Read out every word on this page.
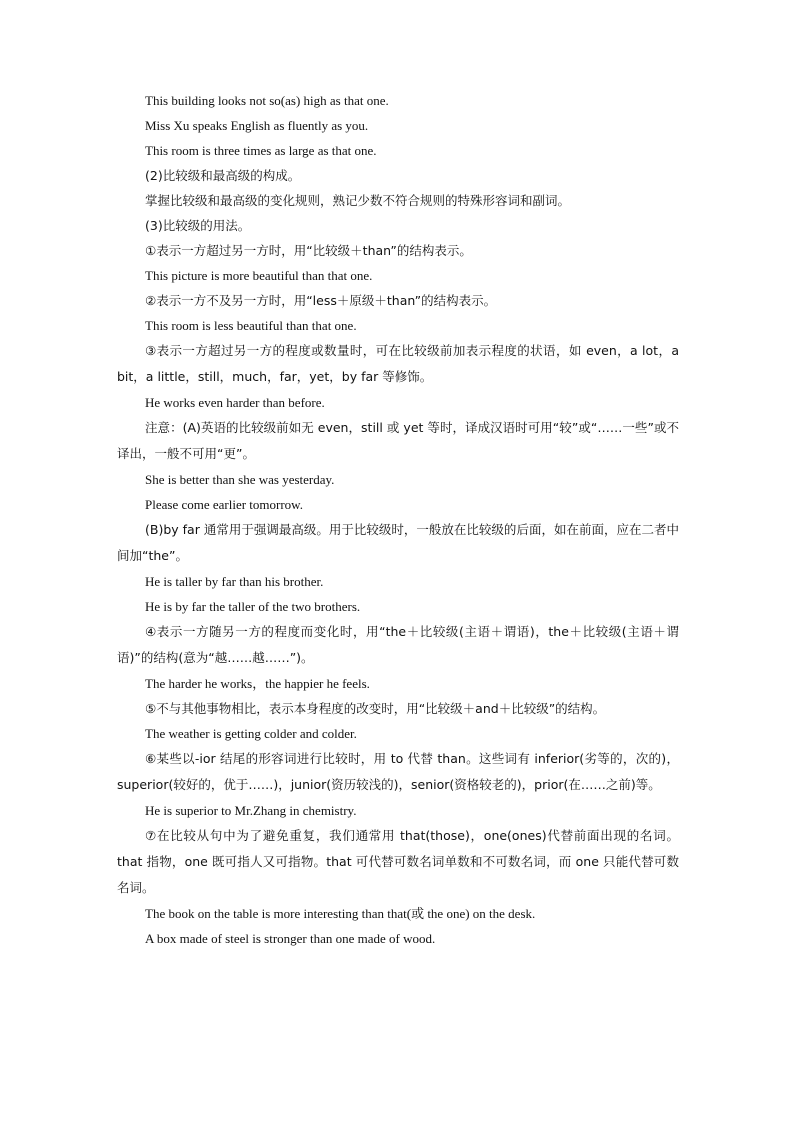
This building looks not so(as) high as that one.

Miss Xu speaks English as fluently as you.

This room is three times as large as that one.

(2)比较级和最高级的构成。

掌握比较级和最高级的变化规则，熟记少数不符合规则的特殊形容词和副词。

(3)比较级的用法。

①表示一方超过另一方时，用“比较级＋than”的结构表示。

This picture is more beautiful than that one.

②表示一方不及另一方时，用“less＋原级＋than”的结构表示。

This room is less beautiful than that one.

③表示一方超过另一方的程度或数量时，可在比较级前加表示程度的状语，如 even，a lot，a bit，a little，still，much，far，yet，by far 等修饰。

He works even harder than before.

注意：(A)英语的比较级前如无 even，still 或 yet 等时，译成汉语时可用“较”或“……一些”或不译出，一般不可用“更”。

She is better than she was yesterday.

Please come earlier tomorrow.

(B)by far 通常用于强调最高级。用于比较级时，一般放在比较级的后面，如在前面，应在二者中间加“the”。

He is taller by far than his brother.

He is by far the taller of the two brothers.

④表示一方随另一方的程度而变化时，用“the＋比较级(主语＋谓语)，the＋比较级(主语＋谓语)”的结构(意为“越……越……”)。

The harder he works，the happier he feels.

⑤不与其他事物相比，表示本身程度的改变时，用“比较级＋and＋比较级”的结构。

The weather is getting colder and colder.

⑥某些以-ior 结尾的形容词进行比较时，用 to 代替 than。这些词有 inferior(劣等的，次的)，superior(较好的，优于……)，junior(资历较浅的)，senior(资格较老的)，prior(在……之前)等。

He is superior to Mr.Zhang in chemistry.

⑦在比较从句中为了避免重复，我们通常用 that(those)，one(ones)代替前面出现的名词。that 指物，one 既可指人又可指物。that 可代替可数名词单数和不可数名词，而 one 只能代替可数名词。

The book on the table is more interesting than that(或 the one) on the desk.

A box made of steel is stronger than one made of wood.
